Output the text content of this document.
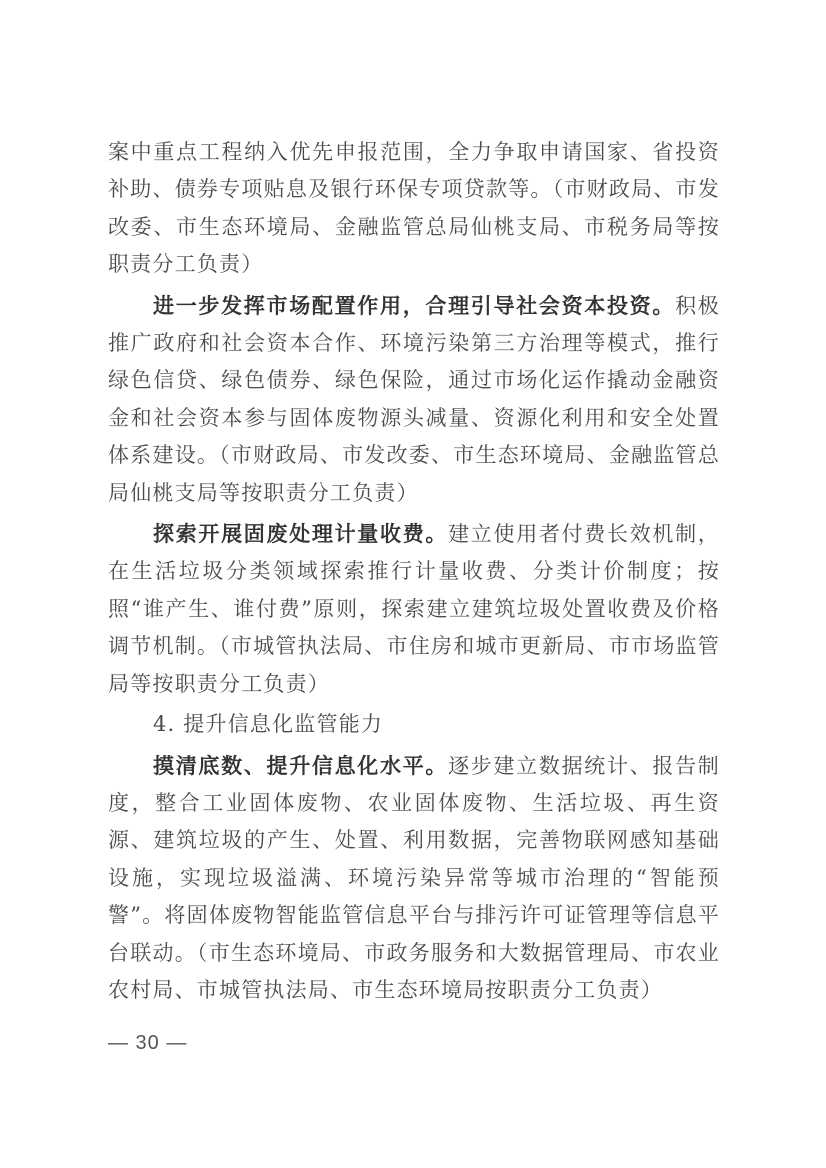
案中重点工程纳入优先申报范围，全力争取申请国家、省投资补助、债券专项贴息及银行环保专项贷款等。（市财政局、市发改委、市生态环境局、金融监管总局仙桃支局、市税务局等按职责分工负责）

进一步发挥市场配置作用，合理引导社会资本投资。积极推广政府和社会资本合作、环境污染第三方治理等模式，推行绿色信贷、绿色债券、绿色保险，通过市场化运作撬动金融资金和社会资本参与固体废物源头减量、资源化利用和安全处置体系建设。（市财政局、市发改委、市生态环境局、金融监管总局仙桃支局等按职责分工负责）

探索开展固废处理计量收费。建立使用者付费长效机制，在生活垃圾分类领域探索推行计量收费、分类计价制度；按照“谁产生、谁付费”原则，探索建立建筑垃圾处置收费及价格调节机制。（市城管执法局、市住房和城市更新局、市市场监管局等按职责分工负责）

4. 提升信息化监管能力

摸清底数、提升信息化水平。逐步建立数据统计、报告制度，整合工业固体废物、农业固体废物、生活垃圾、再生资源、建筑垃圾的产生、处置、利用数据，完善物联网感知基础设施，实现垃圾溢满、环境污染异常等城市治理的“智能预警”。将固体废物智能监管信息平台与排污许可证管理等信息平台联动。（市生态环境局、市政务服务和大数据管理局、市农业农村局、市城管执法局、市生态环境局按职责分工负责）

— 30 —
